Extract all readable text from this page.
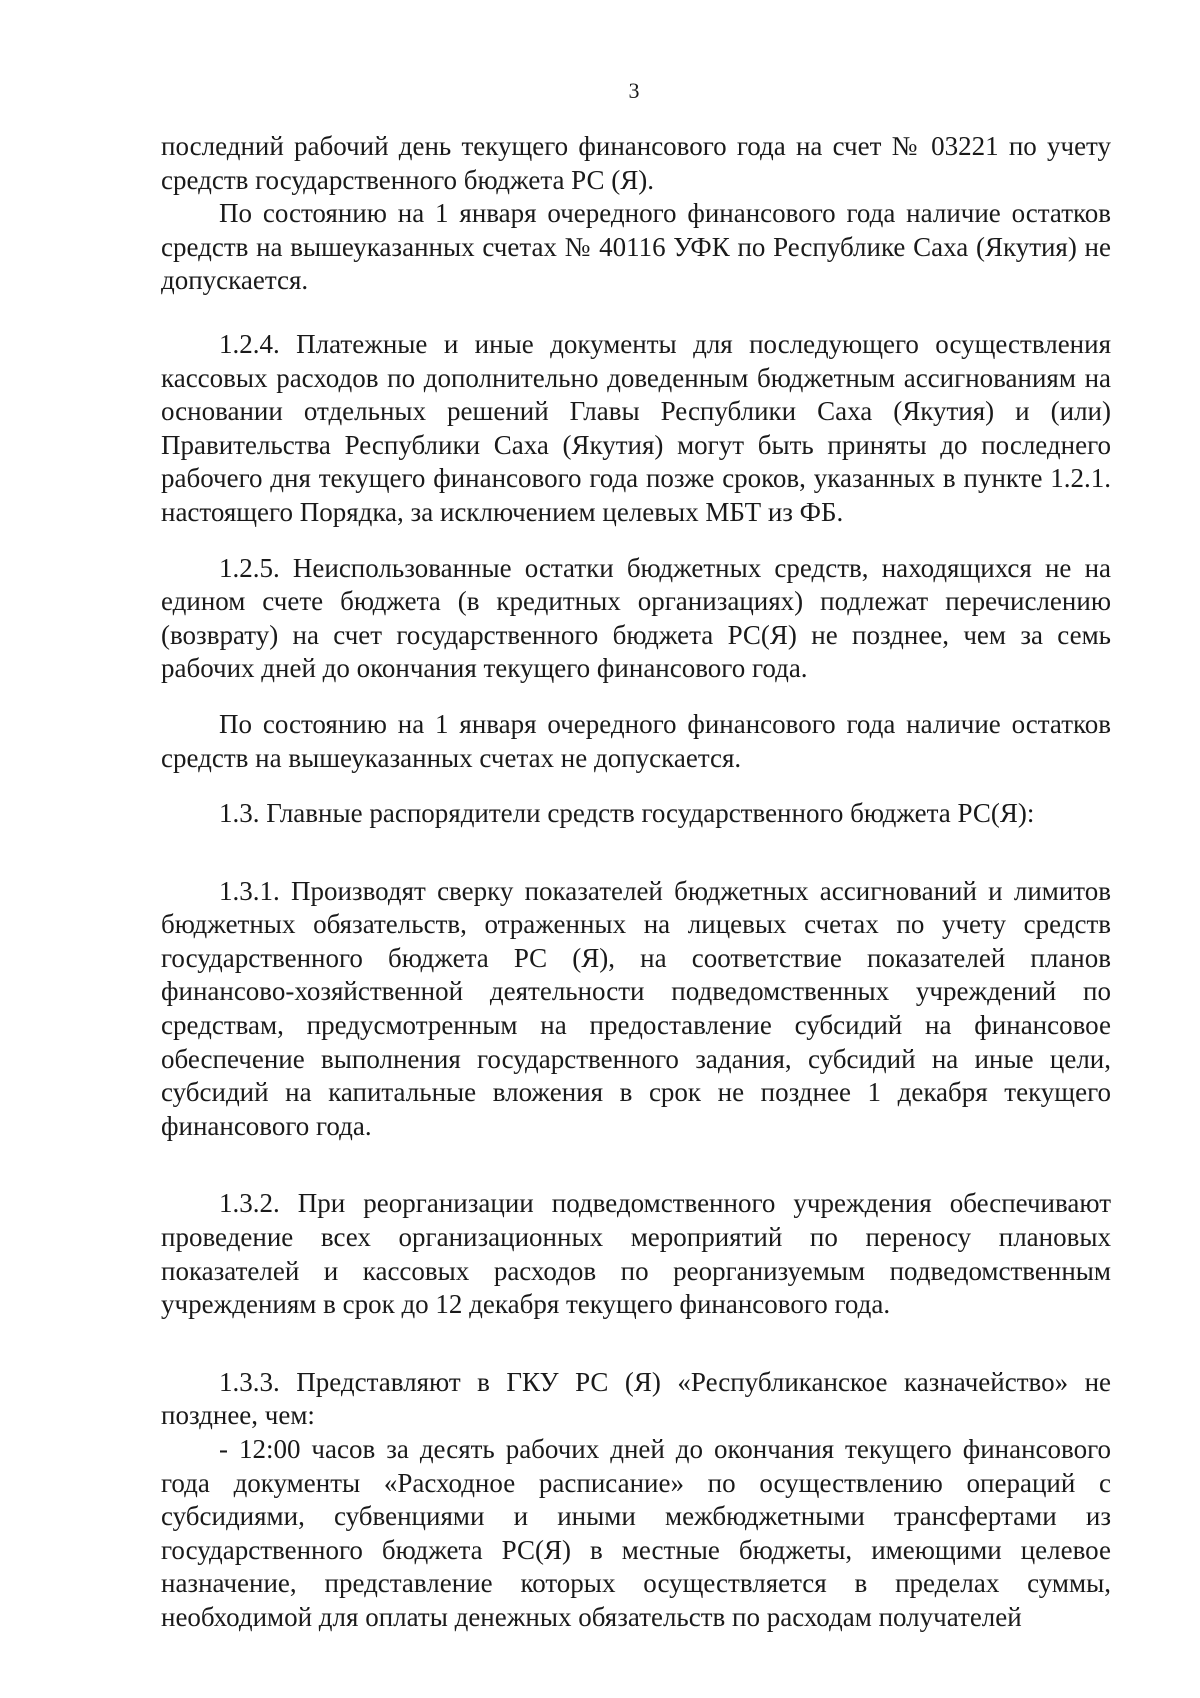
3

последний рабочий день текущего финансового года на счет № 03221 по учету средств государственного бюджета РС (Я).

По состоянию на 1 января очередного финансового года наличие остатков средств на вышеуказанных счетах № 40116 УФК по Республике Саха (Якутия) не допускается.

1.2.4. Платежные и иные документы для последующего осуществления кассовых расходов по дополнительно доведенным бюджетным ассигнованиям на основании отдельных решений Главы Республики Саха (Якутия) и (или) Правительства Республики Саха (Якутия) могут быть приняты до последнего рабочего дня текущего финансового года позже сроков, указанных в пункте 1.2.1. настоящего Порядка, за исключением целевых МБТ из ФБ.

1.2.5. Неиспользованные остатки бюджетных средств, находящихся не на едином счете бюджета (в кредитных организациях) подлежат перечислению (возврату) на счет государственного бюджета РС(Я) не позднее, чем за семь рабочих дней до окончания текущего финансового года.

По состоянию на 1 января очередного финансового года наличие остатков средств на вышеуказанных счетах не допускается.

1.3. Главные распорядители средств государственного бюджета РС(Я):

1.3.1. Производят сверку показателей бюджетных ассигнований и лимитов бюджетных обязательств, отраженных на лицевых счетах по учету средств государственного бюджета РС (Я), на соответствие показателей планов финансово-хозяйственной деятельности подведомственных учреждений по средствам, предусмотренным на предоставление субсидий на финансовое обеспечение выполнения государственного задания, субсидий на иные цели, субсидий на капитальные вложения в срок не позднее 1 декабря текущего финансового года.

1.3.2. При реорганизации подведомственного учреждения обеспечивают проведение всех организационных мероприятий по переносу плановых показателей и кассовых расходов по реорганизуемым подведомственным учреждениям в срок до 12 декабря текущего финансового года.

1.3.3. Представляют в ГКУ РС (Я) «Республиканское казначейство» не позднее, чем:

- 12:00 часов за десять рабочих дней до окончания текущего финансового года документы «Расходное расписание» по осуществлению операций с субсидиями, субвенциями и иными межбюджетными трансфертами из государственного бюджета РС(Я) в местные бюджеты, имеющими целевое назначение, представление которых осуществляется в пределах суммы, необходимой для оплаты денежных обязательств по расходам получателей
